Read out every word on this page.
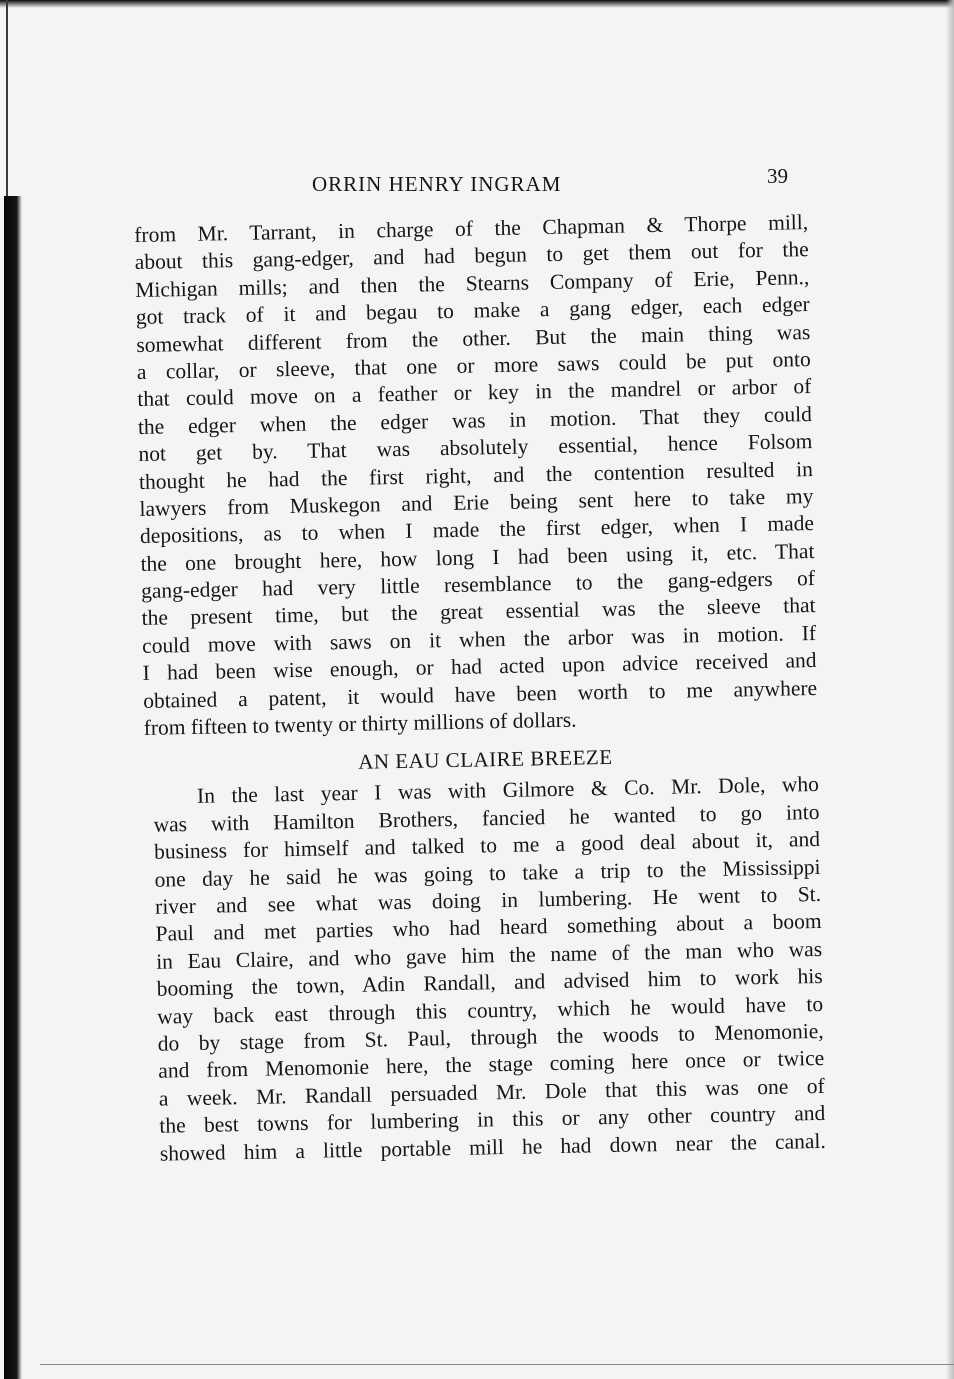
ORRIN HENRY INGRAM	39
from Mr. Tarrant, in charge of the Chapman & Thorpe mill,
about this gang-edger, and had begun to get them out for the
Michigan mills; and then the Stearns Company of Erie, Penn.,
got track of it and begau to make a gang edger, each edger
somewhat different from the other. But the main thing was
a collar, or sleeve, that one or more saws could be put onto
that could move on a feather or key in the mandrel or arbor of
the edger when the edger was in motion. That they could
not get by. That was absolutely essential, hence Folsom
thought he had the first right, and the contention resulted in
lawyers from Muskegon and Erie being sent here to take my
depositions, as to when I made the first edger, when I made
the one brought here, how long I had been using it, etc. That
gang-edger had very little resemblance to the gang-edgers of
the present time, but the great essential was the sleeve that
could move with saws on it when the arbor was in motion. If
I had been wise enough, or had acted upon advice received and
obtained a patent, it would have been worth to me anywhere
from fifteen to twenty or thirty millions of dollars.
AN EAU CLAIRE BREEZE
In the last year I was with Gilmore & Co. Mr. Dole, who
was with Hamilton Brothers, fancied he wanted to go into
business for himself and talked to me a good deal about it, and
one day he said he was going to take a trip to the Mississippi
river and see what was doing in lumbering. He went to St.
Paul and met parties who had heard something about a boom
in Eau Claire, and who gave him the name of the man who was
booming the town, Adin Randall, and advised him to work his
way back east through this country, which he would have to
do by stage from St. Paul, through the woods to Menomonie,
and from Menomonie here, the stage coming here once or twice
a week. Mr. Randall persuaded Mr. Dole that this was one of
the best towns for lumbering in this or any other country and
showed him a little portable mill he had down near the canal.
